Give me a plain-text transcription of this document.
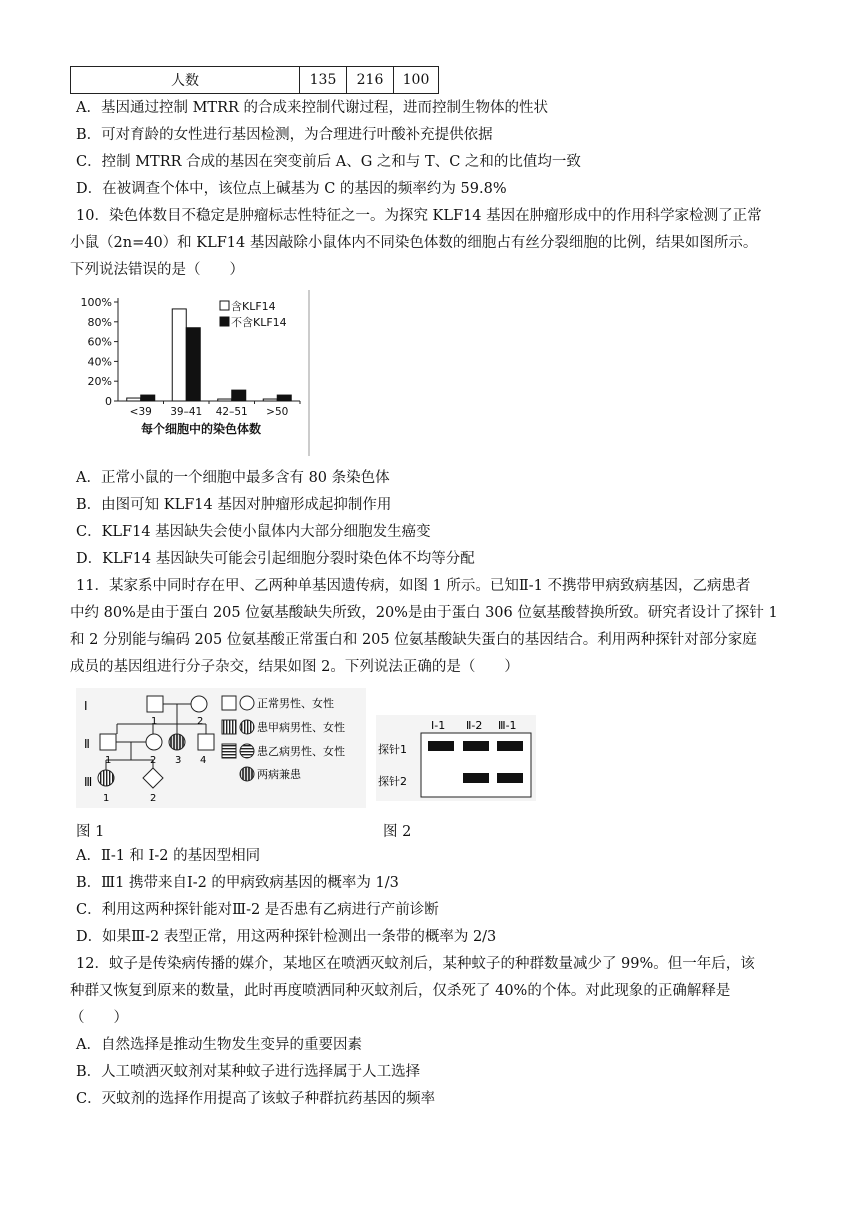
人数	135	216	100
A．基因通过控制 MTRR 的合成来控制代谢过程，进而控制生物体的性状
B．可对育龄的女性进行基因检测，为合理进行叶酸补充提供依据
C．控制 MTRR 合成的基因在突变前后 A、G 之和与 T、C 之和的比值均一致
D．在被调查个体中，该位点上碱基为 C 的基因的频率约为 59.8%
10．染色体数目不稳定是肿瘤标志性特征之一。为探究 KLF14 基因在肿瘤形成中的作用科学家检测了正常
小鼠（2n=40）和 KLF14 基因敲除小鼠体内不同染色体数的细胞占有丝分裂细胞的比例，结果如图所示。
下列说法错误的是（　　）
100%
80%
60%
40%
20%
0
<39 39–41 42–51 >50
每个细胞中的染色体数
含KLF14
不含KLF14
A．正常小鼠的一个细胞中最多含有 80 条染色体
B．由图可知 KLF14 基因对肿瘤形成起抑制作用
C．KLF14 基因缺失会使小鼠体内大部分细胞发生癌变
D．KLF14 基因缺失可能会引起细胞分裂时染色体不均等分配
11．某家系中同时存在甲、乙两种单基因遗传病，如图 1 所示。已知Ⅱ-1 不携带甲病致病基因，乙病患者
中约 80%是由于蛋白 205 位氨基酸缺失所致，20%是由于蛋白 306 位氨基酸替换所致。研究者设计了探针 1
和 2 分别能与编码 205 位氨基酸正常蛋白和 205 位氨基酸缺失蛋白的基因结合。利用两种探针对部分家庭
成员的基因组进行分子杂交，结果如图 2。下列说法正确的是（　　）
Ⅰ
Ⅱ
Ⅲ
1	2
1	2 3 4
1	2
正常男性、女性
患甲病男性、女性
患乙病男性、女性
两病兼患
Ⅰ-1 Ⅱ-2 Ⅲ-1
探针1
探针2
图 1	图 2
A．Ⅱ-1 和 I-2 的基因型相同
B．Ⅲ1 携带来自Ⅰ-2 的甲病致病基因的概率为 1/3
C．利用这两种探针能对Ⅲ-2 是否患有乙病进行产前诊断
D．如果Ⅲ-2 表型正常，用这两种探针检测出一条带的概率为 2/3
12．蚊子是传染病传播的媒介，某地区在喷洒灭蚊剂后，某种蚊子的种群数量减少了 99%。但一年后，该
种群又恢复到原来的数量，此时再度喷洒同种灭蚊剂后，仅杀死了 40%的个体。对此现象的正确解释是
（　　）
A．自然选择是推动生物发生变异的重要因素
B．人工喷洒灭蚊剂对某种蚊子进行选择属于人工选择
C．灭蚊剂的选择作用提高了该蚊子种群抗药基因的频率
